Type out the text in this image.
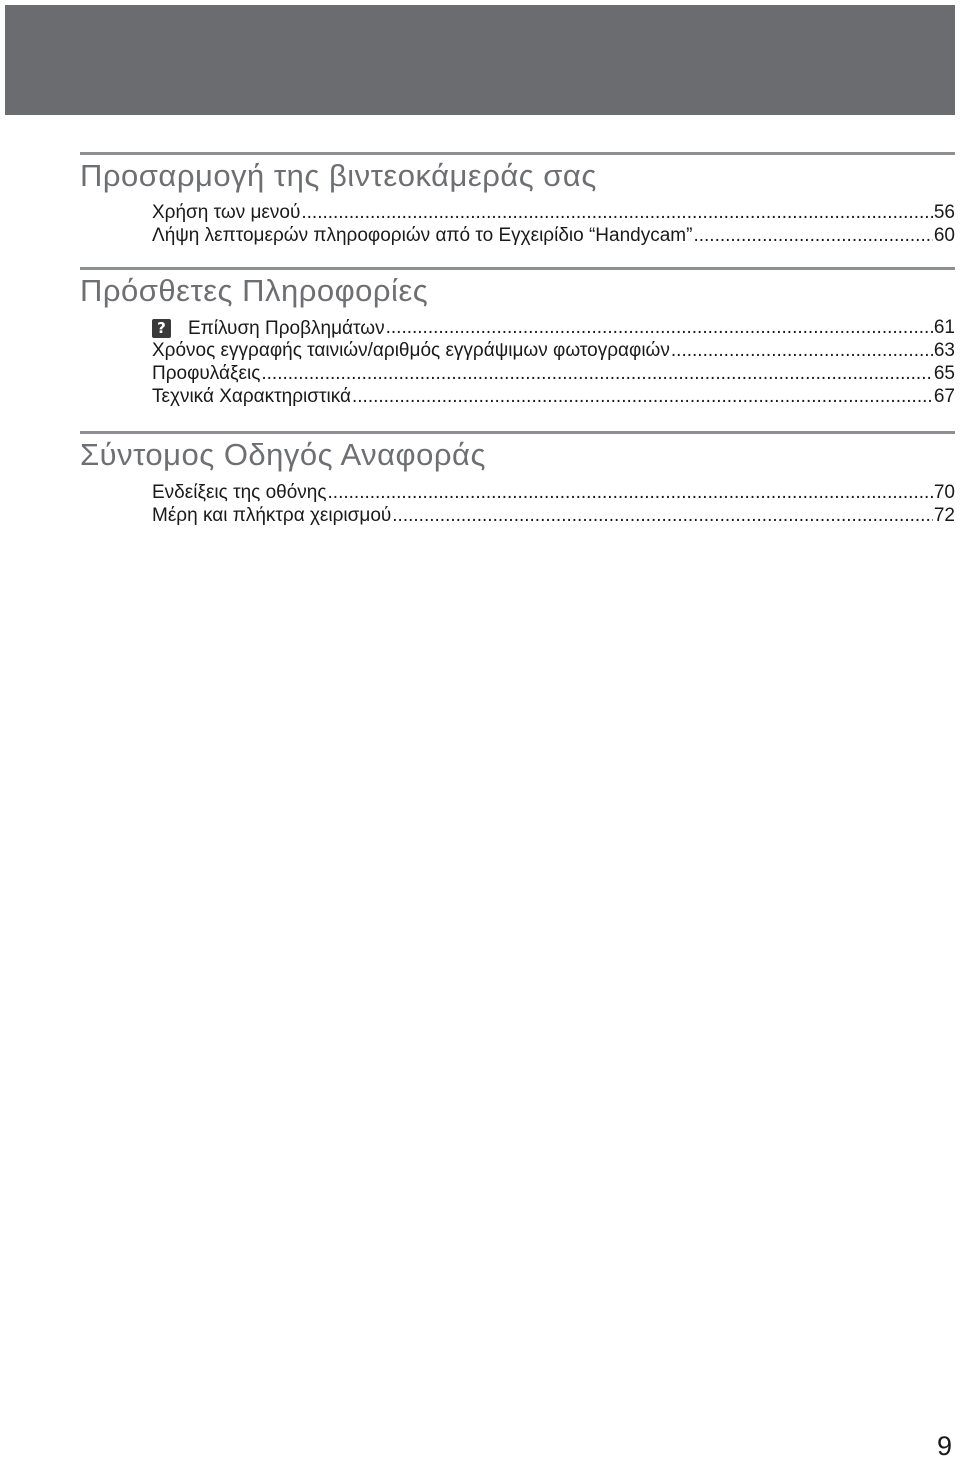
Προσαρμογή της βιντεοκάμεράς σας
Χρήση των μενού .....	56
Λήψη λεπτομερών πληροφοριών από το Εγχειρίδιο “Handycam” .....	60
Πρόσθετες Πληροφορίες
? Επίλυση Προβλημάτων .....	61
Χρόνος εγγραφής ταινιών/αριθμός εγγράψιμων φωτογραφιών .....	63
Προφυλάξεις .....	65
Τεχνικά Χαρακτηριστικά .....	67
Σύντομος Οδηγός Αναφοράς
Ενδείξεις της οθόνης .....	70
Μέρη και πλήκτρα χειρισμού .....	72
9
